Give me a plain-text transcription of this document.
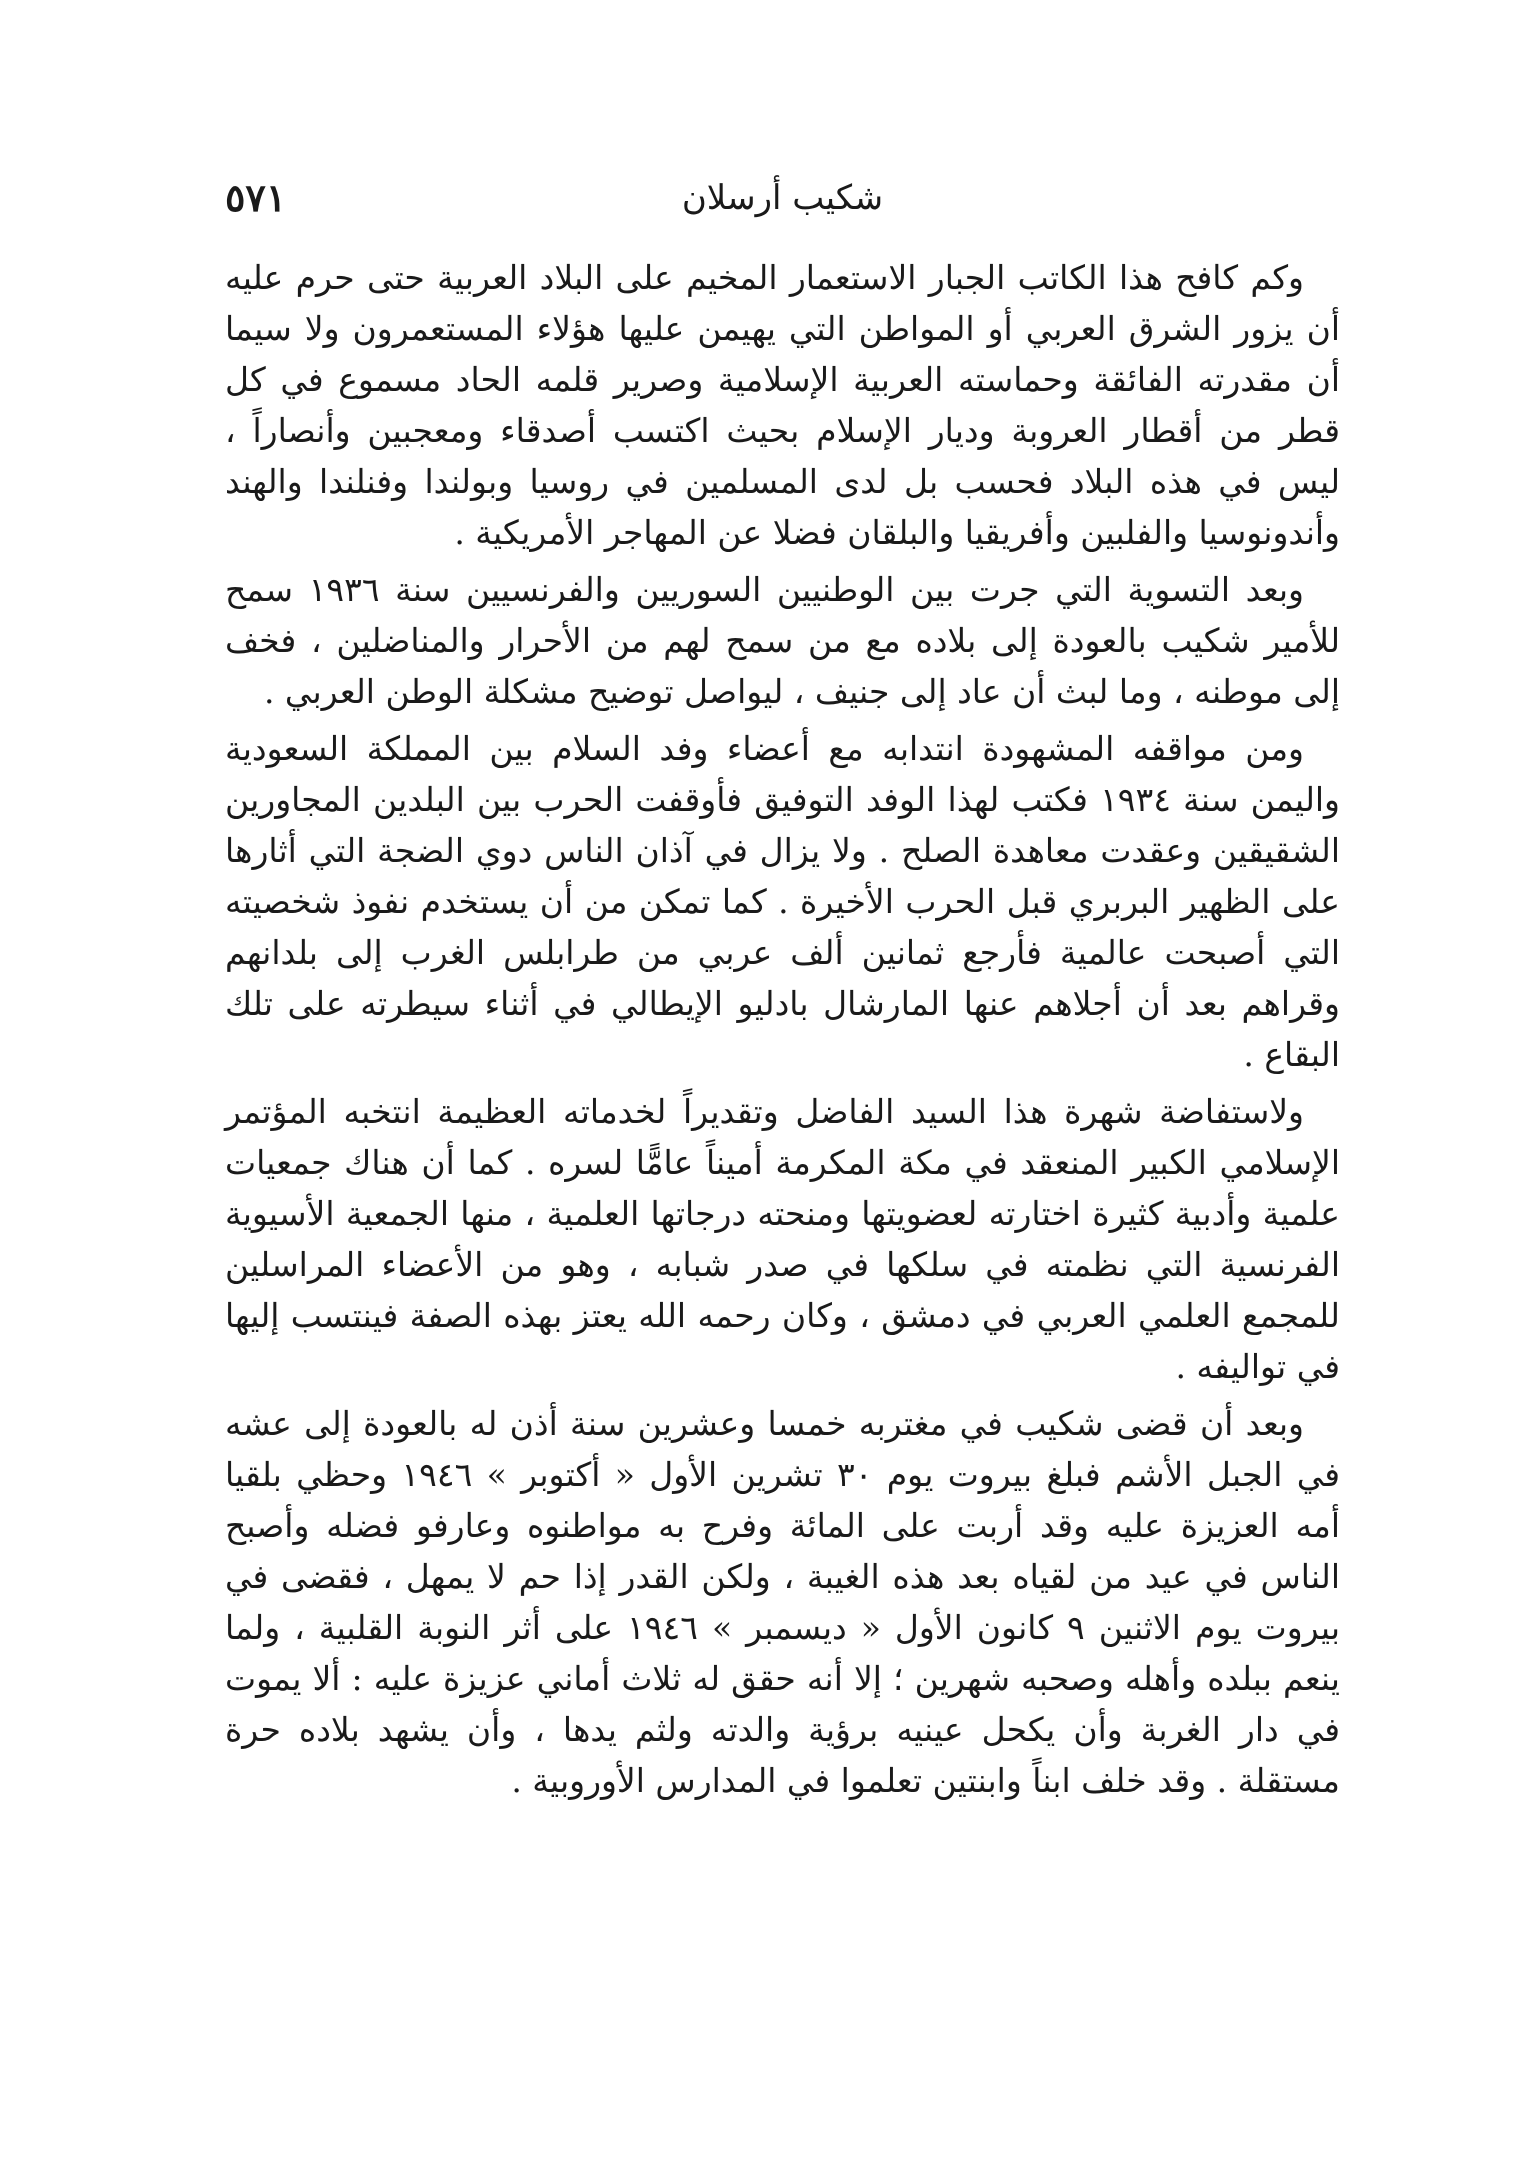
شكيب أرسلان
٥٧١

وكم كافح هذا الكاتب الجبار الاستعمار المخيم على البلاد العربية حتى حرم عليه أن يزور الشرق العربي أو المواطن التي يهيمن عليها هؤلاء المستعمرون ولا سيما أن مقدرته الفائقة وحماسته العربية الإسلامية وصرير قلمه الحاد مسموع في كل قطر من أقطار العروبة وديار الإسلام بحيث اكتسب أصدقاء ومعجبين وأنصاراً ، ليس في هذه البلاد فحسب بل لدى المسلمين في روسيا وبولندا وفنلندا والهند وأندونوسيا والفلبين وأفريقيا والبلقان فضلا عن المهاجر الأمريكية .

وبعد التسوية التي جرت بين الوطنيين السوريين والفرنسيين سنة ١٩٣٦ سمح للأمير شكيب بالعودة إلى بلاده مع من سمح لهم من الأحرار والمناضلين ، فخف إلى موطنه ، وما لبث أن عاد إلى جنيف ، ليواصل توضيح مشكلة الوطن العربي .

ومن مواقفه المشهودة انتدابه مع أعضاء وفد السلام بين المملكة السعودية واليمن سنة ١٩٣٤ فكتب لهذا الوفد التوفيق فأوقفت الحرب بين البلدين المجاورين الشقيقين وعقدت معاهدة الصلح . ولا يزال في آذان الناس دوي الضجة التي أثارها على الظهير البربري قبل الحرب الأخيرة . كما تمكن من أن يستخدم نفوذ شخصيته التي أصبحت عالمية فأرجع ثمانين ألف عربي من طرابلس الغرب إلى بلدانهم وقراهم بعد أن أجلاهم عنها المارشال بادليو الإيطالي في أثناء سيطرته على تلك البقاع .

ولاستفاضة شهرة هذا السيد الفاضل وتقديراً لخدماته العظيمة انتخبه المؤتمر الإسلامي الكبير المنعقد في مكة المكرمة أميناً عامًّا لسره . كما أن هناك جمعيات علمية وأدبية كثيرة اختارته لعضويتها ومنحته درجاتها العلمية ، منها الجمعية الأسيوية الفرنسية التي نظمته في سلكها في صدر شبابه ، وهو من الأعضاء المراسلين للمجمع العلمي العربي في دمشق ، وكان رحمه الله يعتز بهذه الصفة فينتسب إليها في تواليفه .

وبعد أن قضى شكيب في مغتربه خمسا وعشرين سنة أذن له بالعودة إلى عشه في الجبل الأشم فبلغ بيروت يوم ٣٠ تشرين الأول « أكتوبر » ١٩٤٦ وحظي بلقيا أمه العزيزة عليه وقد أربت على المائة وفرح به مواطنوه وعارفو فضله وأصبح الناس في عيد من لقياه بعد هذه الغيبة ، ولكن القدر إذا حم لا يمهل ، فقضى في بيروت يوم الاثنين ٩ كانون الأول « ديسمبر » ١٩٤٦ على أثر النوبة القلبية ، ولما ينعم ببلده وأهله وصحبه شهرين ؛ إلا أنه حقق له ثلاث أماني عزيزة عليه : ألا يموت في دار الغربة وأن يكحل عينيه برؤية والدته ولثم يدها ، وأن يشهد بلاده حرة مستقلة . وقد خلف ابناً وابنتين تعلموا في المدارس الأوروبية .
